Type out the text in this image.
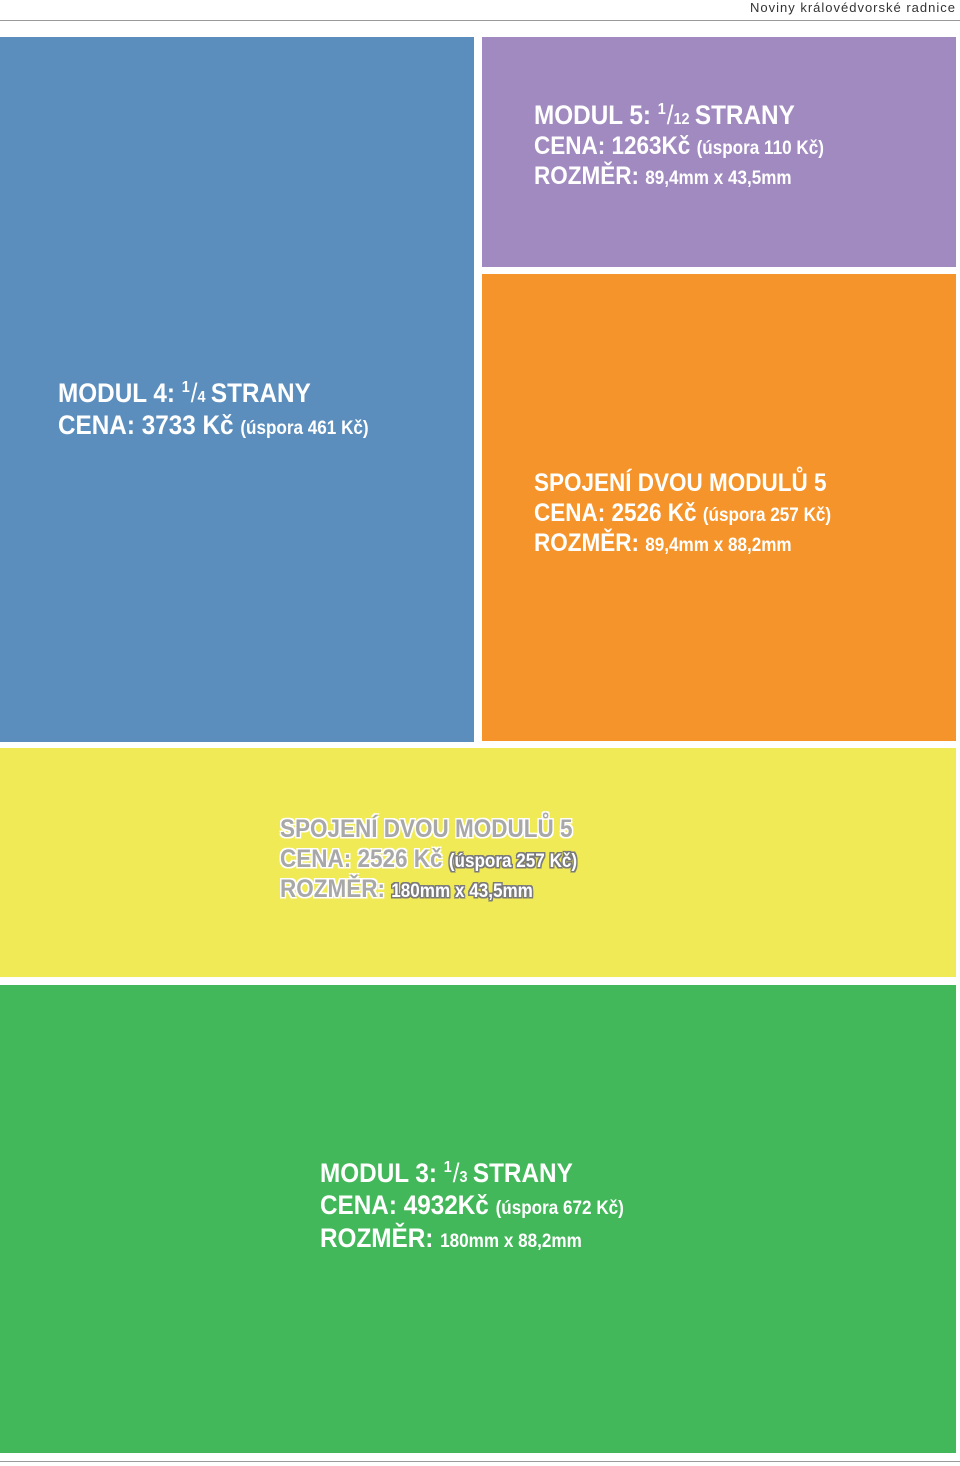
Noviny královédvorské radnice
MODUL 4: $^1$/4 STRANY
CENA: 3733 Kč (úspora 461 Kč)
MODUL 5: $^1$/12 STRANY
CENA: 1263Kč (úspora 110 Kč)
ROZMĚR: 89,4mm x 43,5mm
SPOJENÍ DVOU MODULŮ 5
CENA: 2526 Kč (úspora 257 Kč)
ROZMĚR: 89,4mm x 88,2mm
SPOJENÍ DVOU MODULŮ 5
CENA: 2526 Kč (úspora 257 Kč)
ROZMĚR: 180mm x 43,5mm
MODUL 3: $^1$/3 STRANY
CENA: 4932Kč (úspora 672 Kč)
ROZMĚR: 180mm x 88,2mm
